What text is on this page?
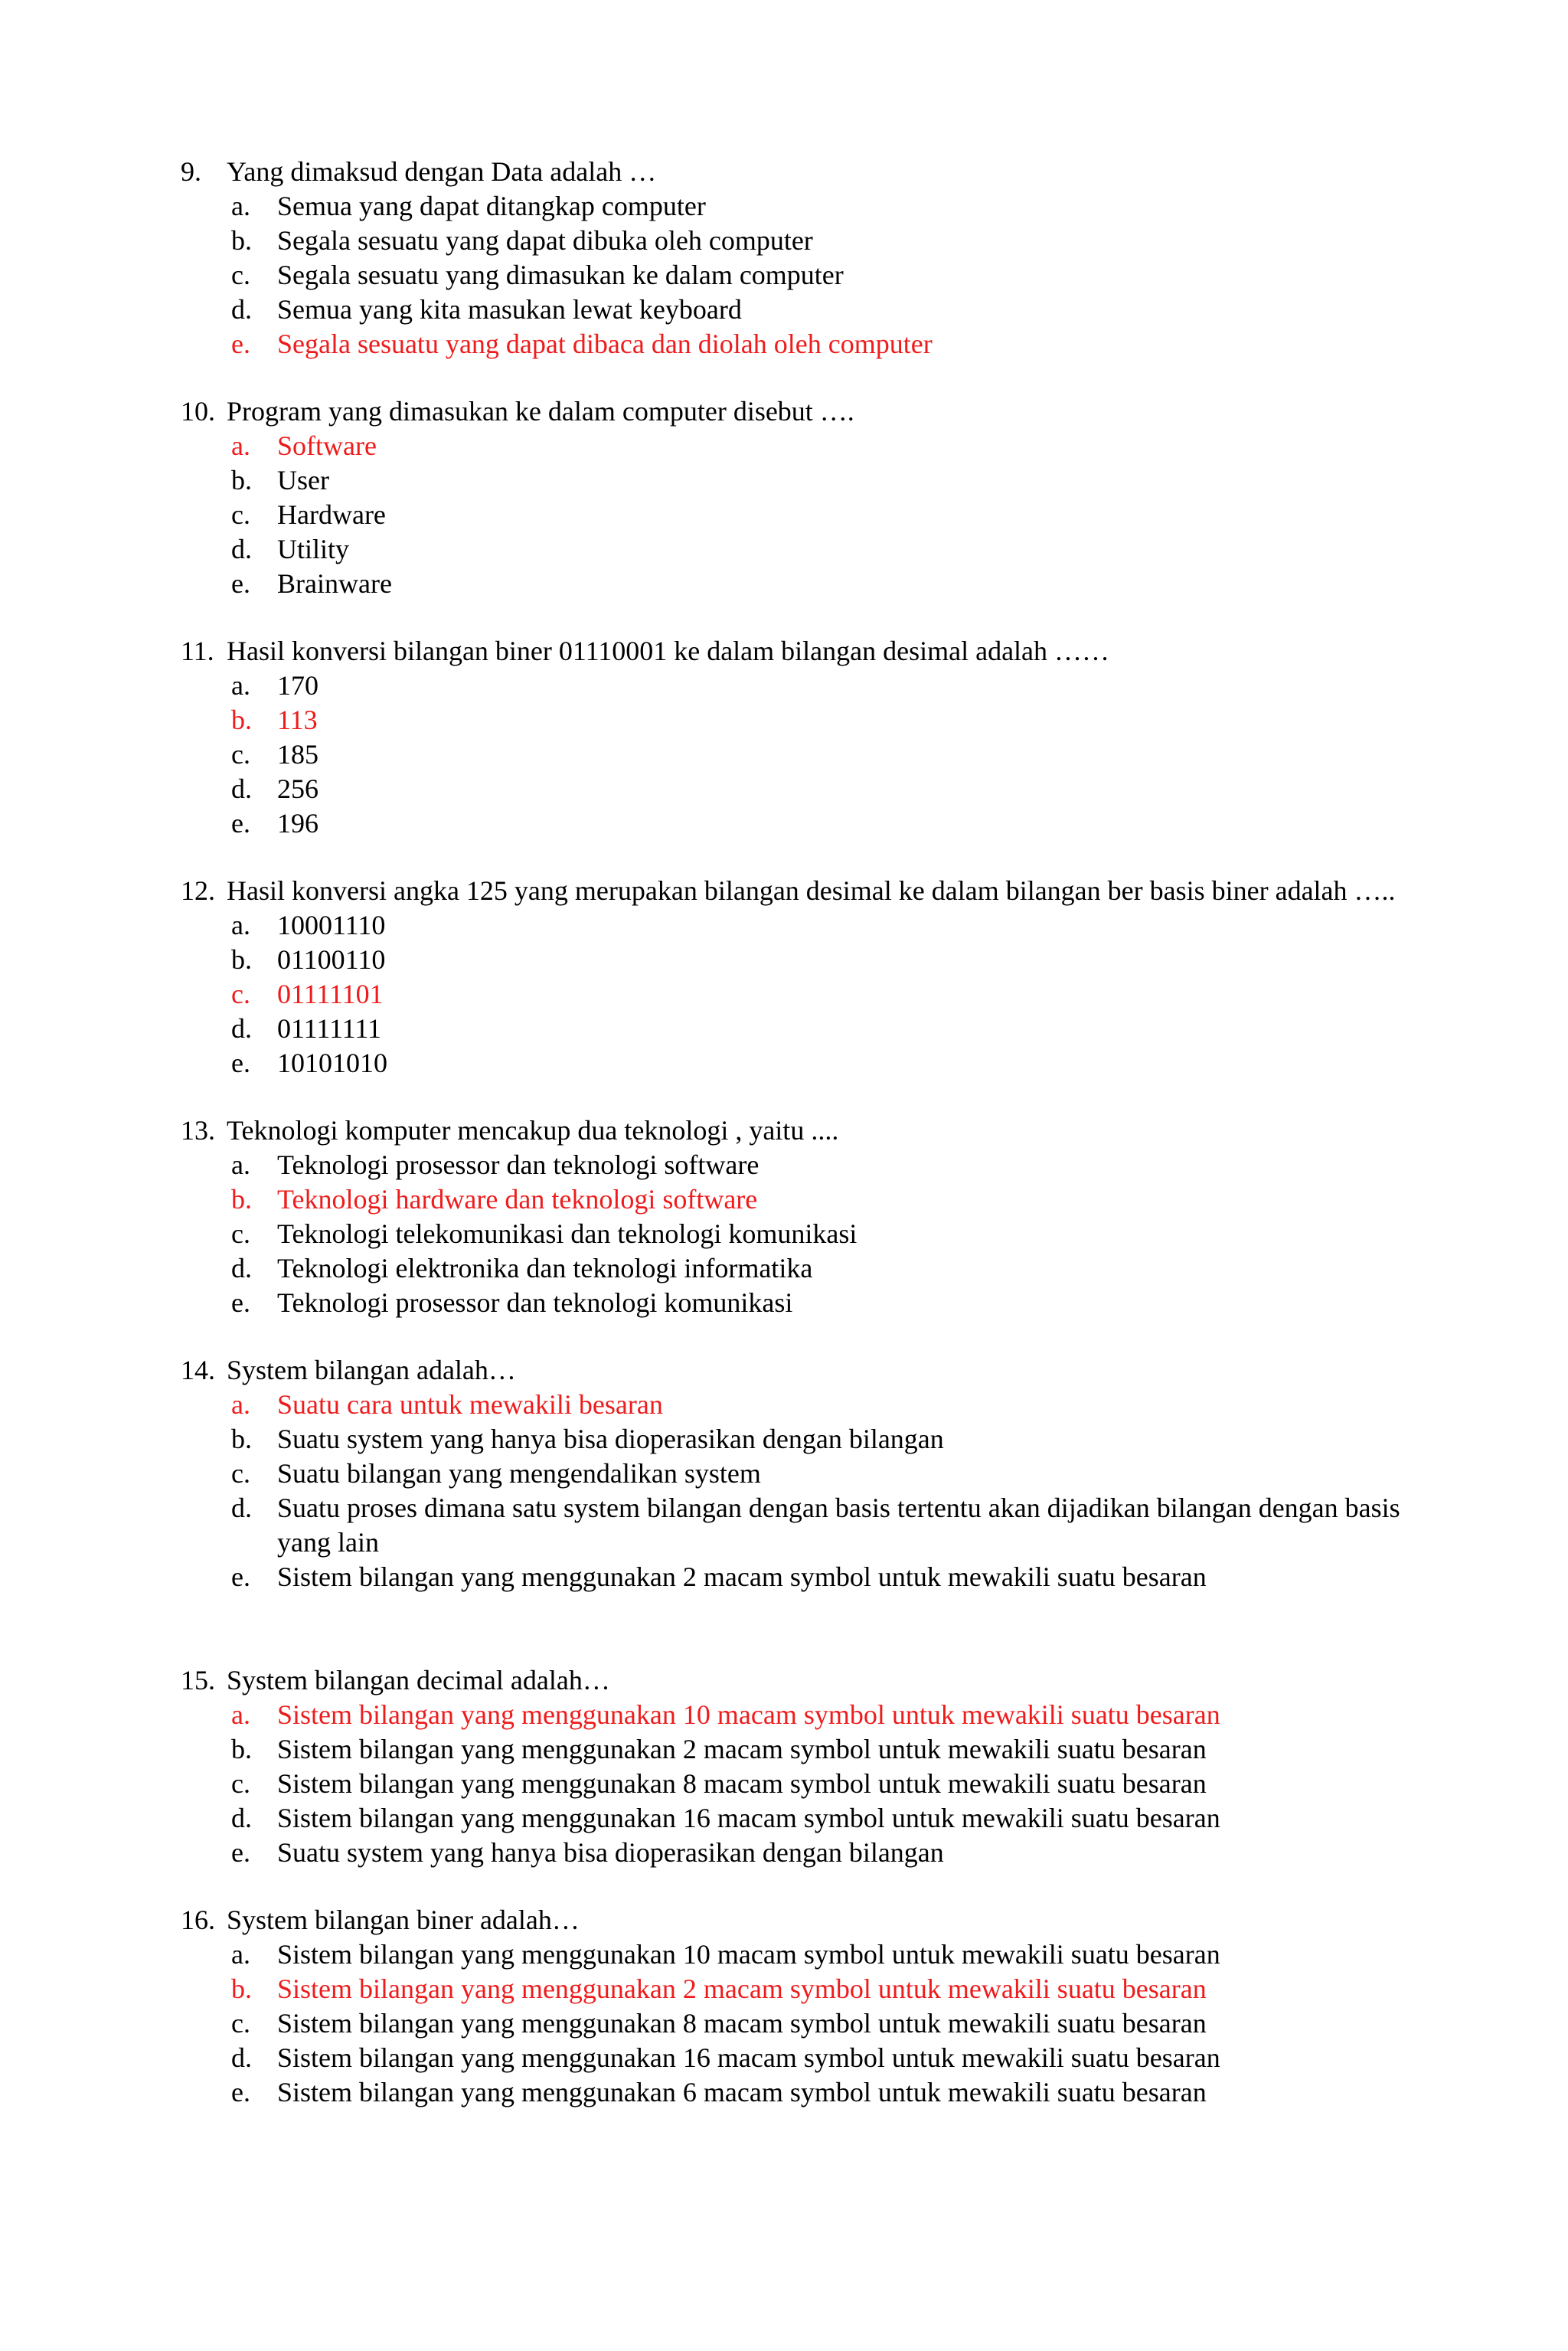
9. Yang dimaksud dengan Data adalah …
a. Semua yang dapat ditangkap computer
b. Segala sesuatu yang dapat dibuka oleh computer
c. Segala sesuatu yang dimasukan ke dalam computer
d. Semua yang kita masukan lewat keyboard
e. Segala sesuatu yang dapat dibaca dan diolah oleh computer
10. Program yang dimasukan ke dalam computer disebut ….
a. Software
b. User
c. Hardware
d. Utility
e. Brainware
11. Hasil konversi bilangan biner 01110001 ke dalam bilangan desimal adalah ……
a. 170
b. 113
c. 185
d. 256
e. 196
12. Hasil konversi angka 125 yang merupakan bilangan desimal ke dalam bilangan ber basis biner adalah …..
a. 10001110
b. 01100110
c. 01111101
d. 01111111
e. 10101010
13. Teknologi komputer mencakup dua teknologi , yaitu ....
a. Teknologi prosessor dan teknologi software
b. Teknologi hardware dan teknologi software
c. Teknologi telekomunikasi dan teknologi komunikasi
d. Teknologi elektronika dan teknologi informatika
e. Teknologi prosessor dan teknologi komunikasi
14. System bilangan adalah…
a. Suatu cara untuk mewakili besaran
b. Suatu system yang hanya bisa dioperasikan dengan bilangan
c. Suatu bilangan yang mengendalikan system
d. Suatu proses dimana satu system bilangan dengan basis tertentu akan dijadikan bilangan dengan basis yang lain
e. Sistem bilangan yang menggunakan 2 macam symbol untuk mewakili suatu besaran
15. System bilangan decimal adalah…
a. Sistem bilangan yang menggunakan 10 macam symbol untuk mewakili suatu besaran
b. Sistem bilangan yang menggunakan 2 macam symbol untuk mewakili suatu besaran
c. Sistem bilangan yang menggunakan 8 macam symbol untuk mewakili suatu besaran
d. Sistem bilangan yang menggunakan 16 macam symbol untuk mewakili suatu besaran
e. Suatu system yang hanya bisa dioperasikan dengan bilangan
16. System bilangan biner adalah…
a. Sistem bilangan yang menggunakan 10 macam symbol untuk mewakili suatu besaran
b. Sistem bilangan yang menggunakan 2 macam symbol untuk mewakili suatu besaran
c. Sistem bilangan yang menggunakan 8 macam symbol untuk mewakili suatu besaran
d. Sistem bilangan yang menggunakan 16 macam symbol untuk mewakili suatu besaran
e. Sistem bilangan yang menggunakan 6 macam symbol untuk mewakili suatu besaran
